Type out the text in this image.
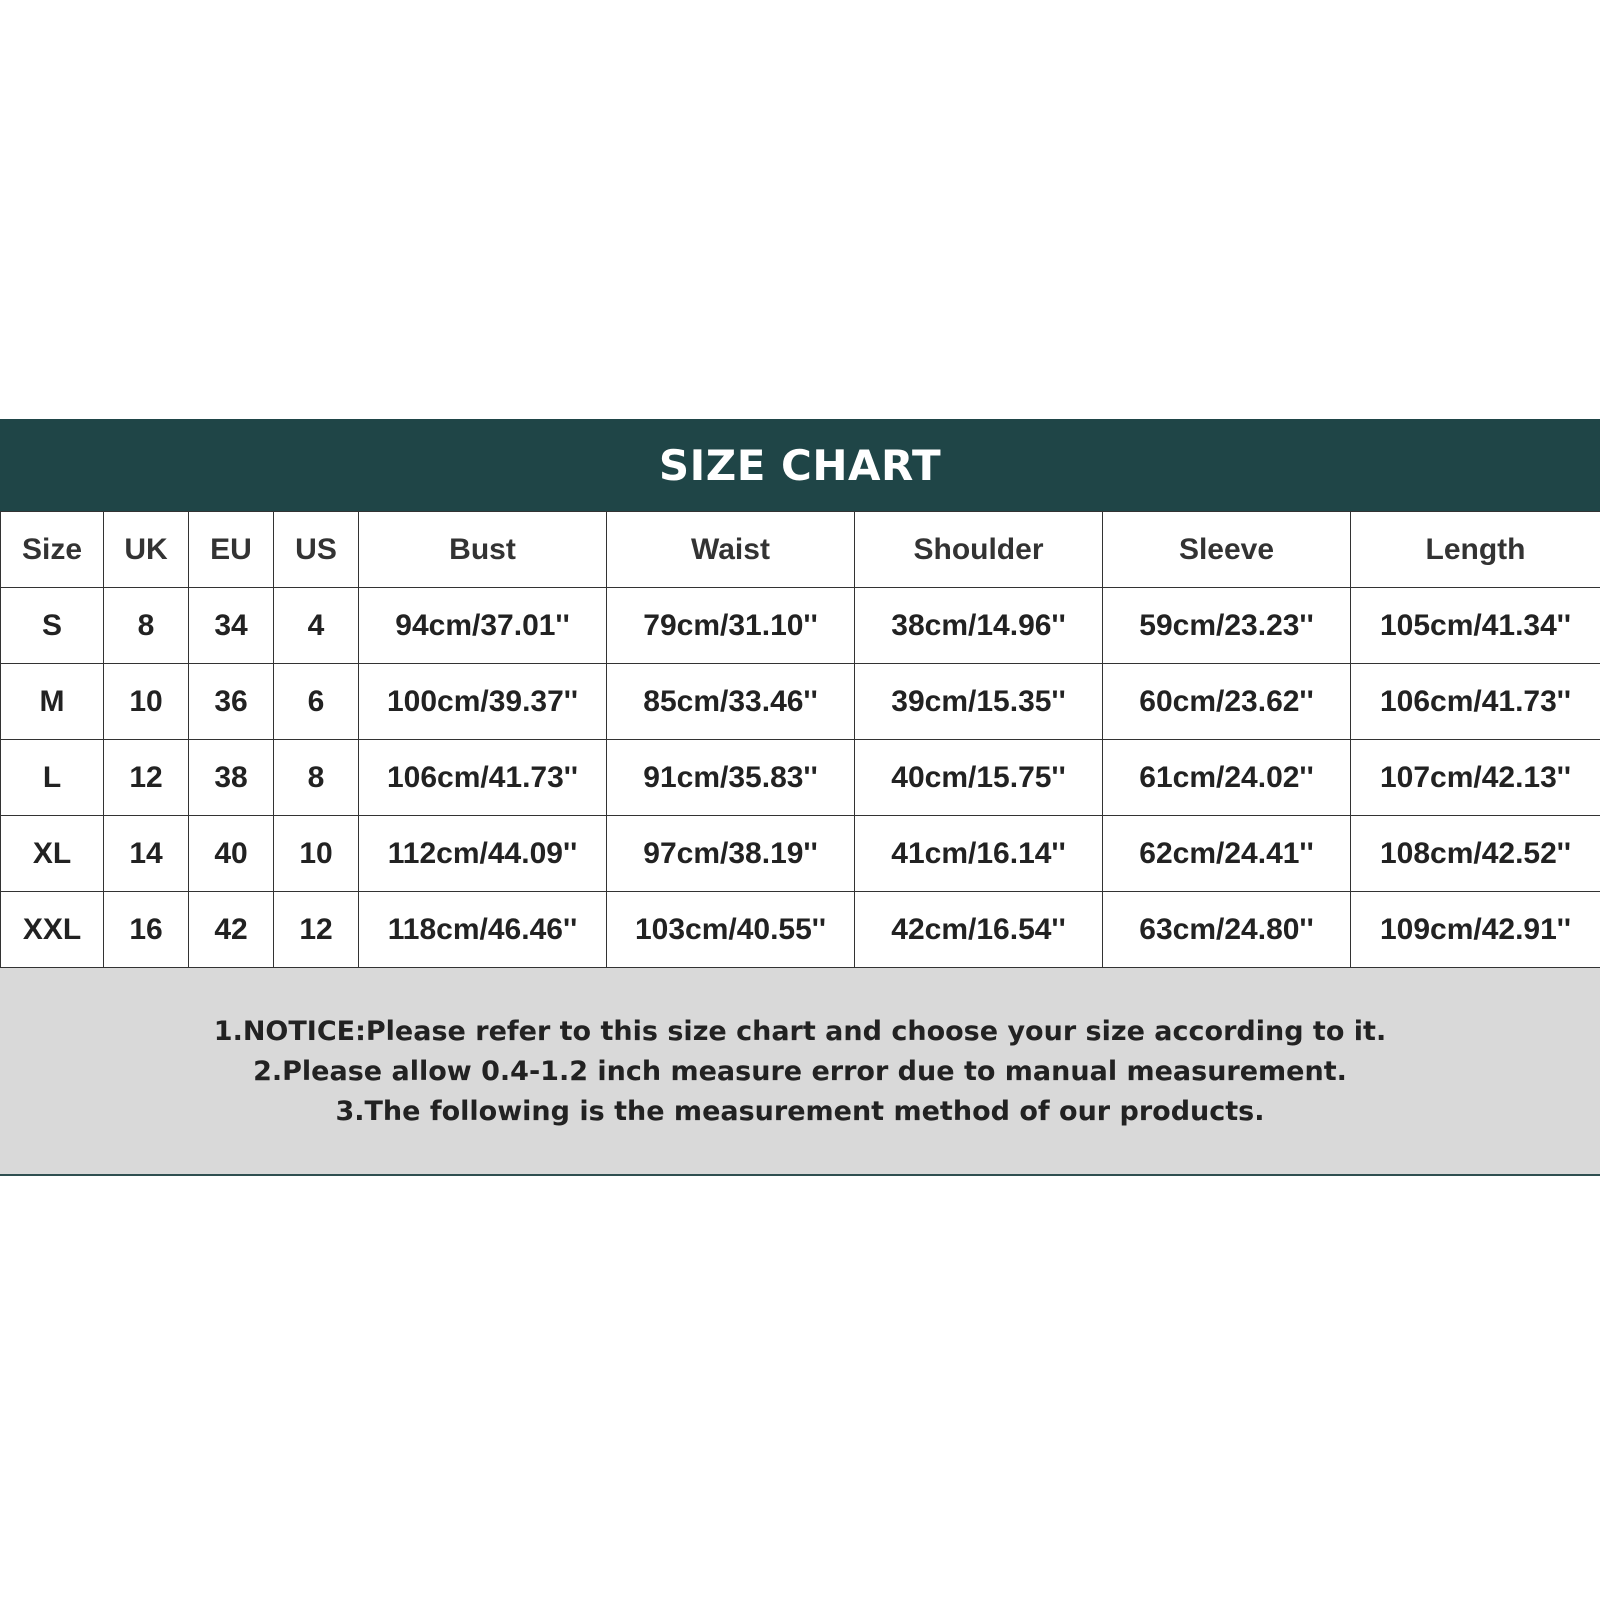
SIZE CHART
Size	UK	EU	US	Bust	Waist	Shoulder	Sleeve	Length
S	8	34	4	94cm/37.01''	79cm/31.10''	38cm/14.96''	59cm/23.23''	105cm/41.34''
M	10	36	6	100cm/39.37''	85cm/33.46''	39cm/15.35''	60cm/23.62''	106cm/41.73''
L	12	38	8	106cm/41.73''	91cm/35.83''	40cm/15.75''	61cm/24.02''	107cm/42.13''
XL	14	40	10	112cm/44.09''	97cm/38.19''	41cm/16.14''	62cm/24.41''	108cm/42.52''
XXL	16	42	12	118cm/46.46''	103cm/40.55''	42cm/16.54''	63cm/24.80''	109cm/42.91''
1.NOTICE:Please refer to this size chart and choose your size according to it.
2.Please allow 0.4-1.2 inch measure error due to manual measurement.
3.The following is the measurement method of our products.
